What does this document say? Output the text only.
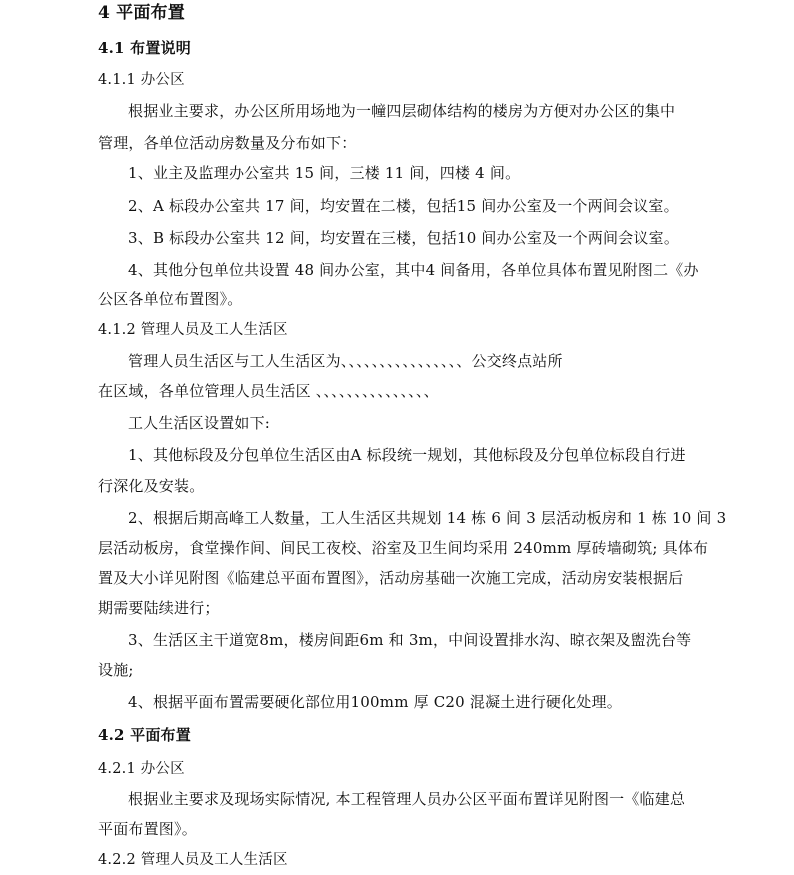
4 平面布置
4.1 布置说明
4.1.1 办公区
根据业主要求，办公区所用场地为一幢四层砌体结构的楼房为方便对办公区的集中
管理，各单位活动房数量及分布如下：
1、业主及监理办公室共 15 间，三楼 11 间，四楼 4 间。
2、A 标段办公室共 17 间，均安置在二楼，包括15 间办公室及一个两间会议室。
3、B 标段办公室共 12 间，均安置在三楼，包括10 间办公室及一个两间会议室。
4、其他分包单位共设置 48 间办公室，其中4 间备用，各单位具体布置见附图二《办
公区各单位布置图》。
4.1.2 管理人员及工人生活区
管理人员生活区与工人生活区为、、、、、、、、、、、、、、、、公交终点站所
在区域，各单位管理人员生活区 、、、、、、、、、、、、、、、
工人生活区设置如下:
1、其他标段及分包单位生活区由A 标段统一规划，其他标段及分包单位标段自行进
行深化及安装。
2、根据后期高峰工人数量，工人生活区共规划 14 栋 6 间 3 层活动板房和 1 栋 10 间 3
层活动板房，食堂操作间、间民工夜校、浴室及卫生间均采用 240mm 厚砖墙砌筑; 具体布
置及大小详见附图《临建总平面布置图》，活动房基础一次施工完成，活动房安装根据后
期需要陆续进行；
3、生活区主干道宽8m，楼房间距6m 和 3m，中间设置排水沟、晾衣架及盥洗台等
设施;
4、根据平面布置需要硬化部位用100mm 厚 C20 混凝土进行硬化处理。
4.2 平面布置
4.2.1 办公区
根据业主要求及现场实际情况, 本工程管理人员办公区平面布置详见附图一《临建总
平面布置图》。
4.2.2 管理人员及工人生活区
